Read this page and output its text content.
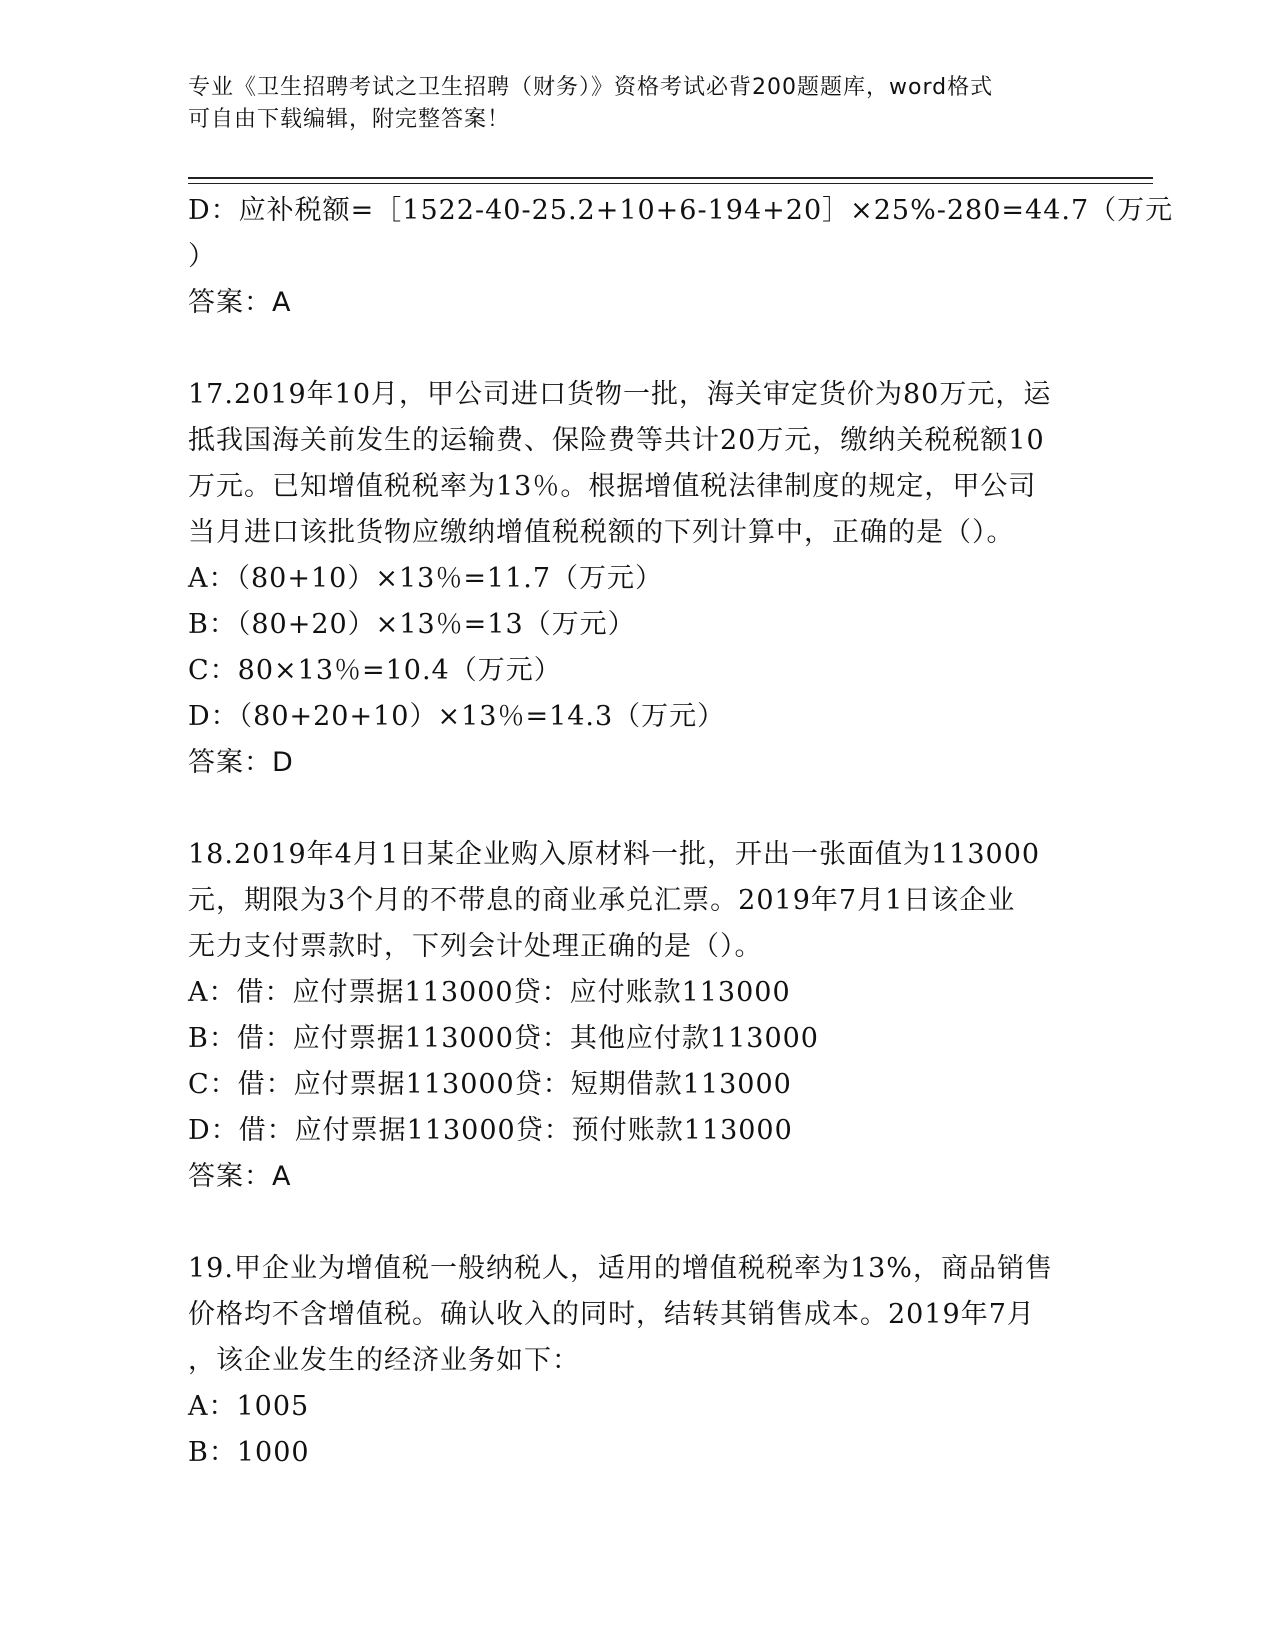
专业《卫生招聘考试之卫生招聘（财务）》资格考试必背200题题库，word格式
可自由下载编辑，附完整答案！
D：应补税额=［1522-40-25.2+10+6-194+20］×25%-280=44.7（万元
）
答案：A
17.2019年10月，甲公司进口货物一批，海关审定货价为80万元，运
抵我国海关前发生的运输费、保险费等共计20万元，缴纳关税税额10
万元。已知增值税税率为13％。根据增值税法律制度的规定，甲公司
当月进口该批货物应缴纳增值税税额的下列计算中，正确的是（）。
A：（80+10）×13％=11.7（万元）
B：（80+20）×13％=13（万元）
C：80×13％=10.4（万元）
D：（80+20+10）×13％=14.3（万元）
答案：D
18.2019年4月1日某企业购入原材料一批，开出一张面值为113000
元，期限为3个月的不带息的商业承兑汇票。2019年7月1日该企业
无力支付票款时，下列会计处理正确的是（）。
A：借：应付票据113000贷：应付账款113000
B：借：应付票据113000贷：其他应付款113000
C：借：应付票据113000贷：短期借款113000
D：借：应付票据113000贷：预付账款113000
答案：A
19.甲企业为增值税一般纳税人，适用的增值税税率为13%，商品销售
价格均不含增值税。确认收入的同时，结转其销售成本。2019年7月
，该企业发生的经济业务如下：
A：1005
B：1000
